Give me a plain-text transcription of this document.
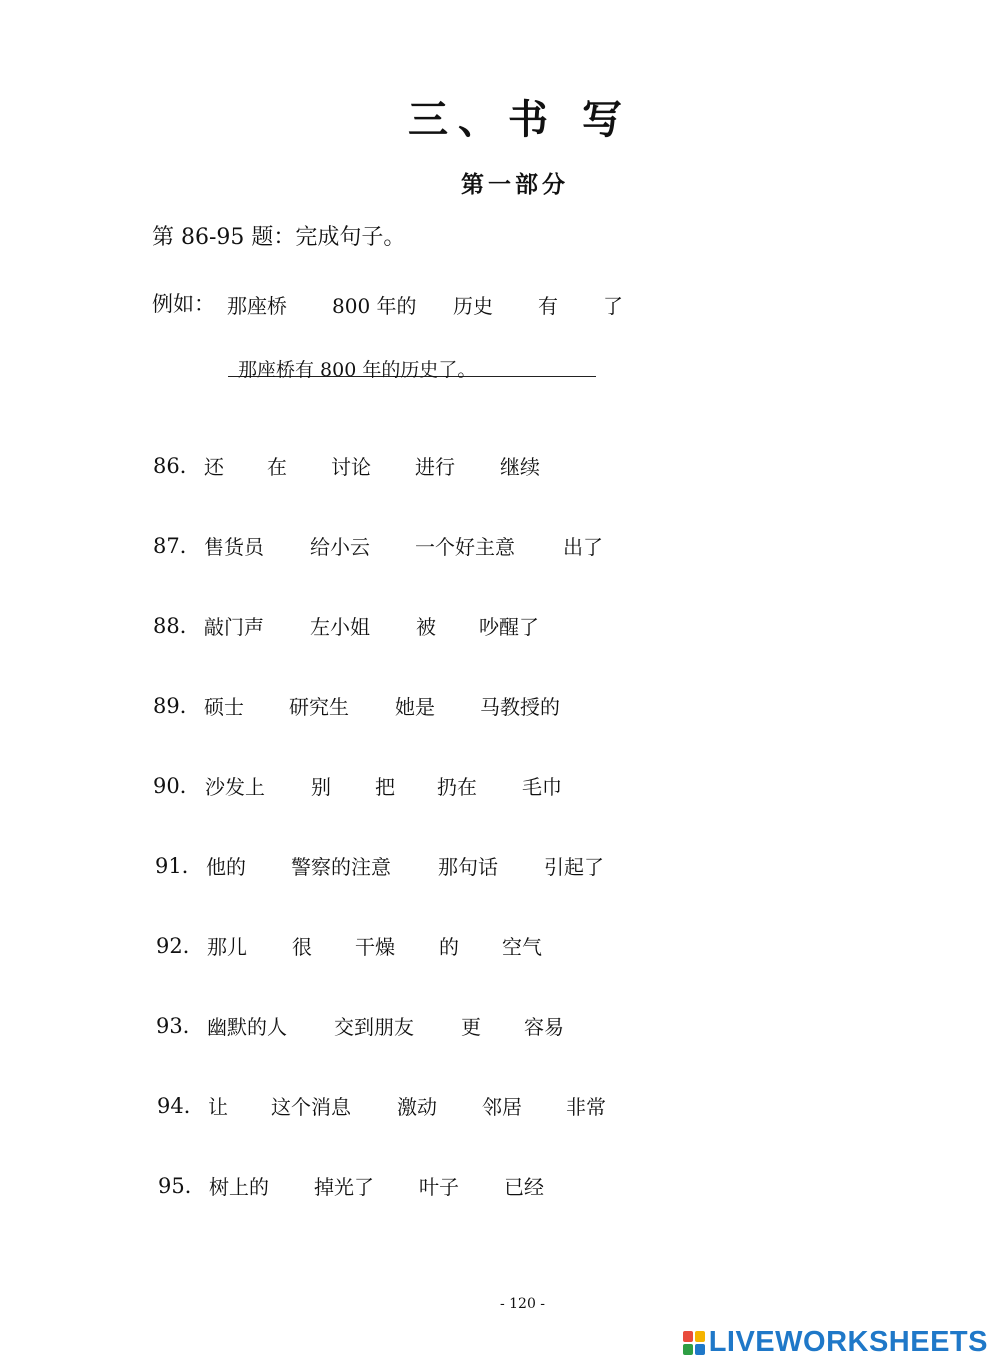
三、书 写
第一部分
第 86-95 题：完成句子。
例如： 那座桥 800 年的 历史 有 了
那座桥有 800 年的历史了。
86． 还 在 讨论 进行 继续
87． 售货员 给小云 一个好主意 出了
88． 敲门声 左小姐 被 吵醒了
89． 硕士 研究生 她是 马教授的
90． 沙发上 别 把 扔在 毛巾
91． 他的 警察的注意 那句话 引起了
92． 那儿 很 干燥 的 空气
93． 幽默的人 交到朋友 更 容易
94． 让 这个消息 激动 邻居 非常
95． 树上的 掉光了 叶子 已经
- 120 -
LIVEWORKSHEETS
